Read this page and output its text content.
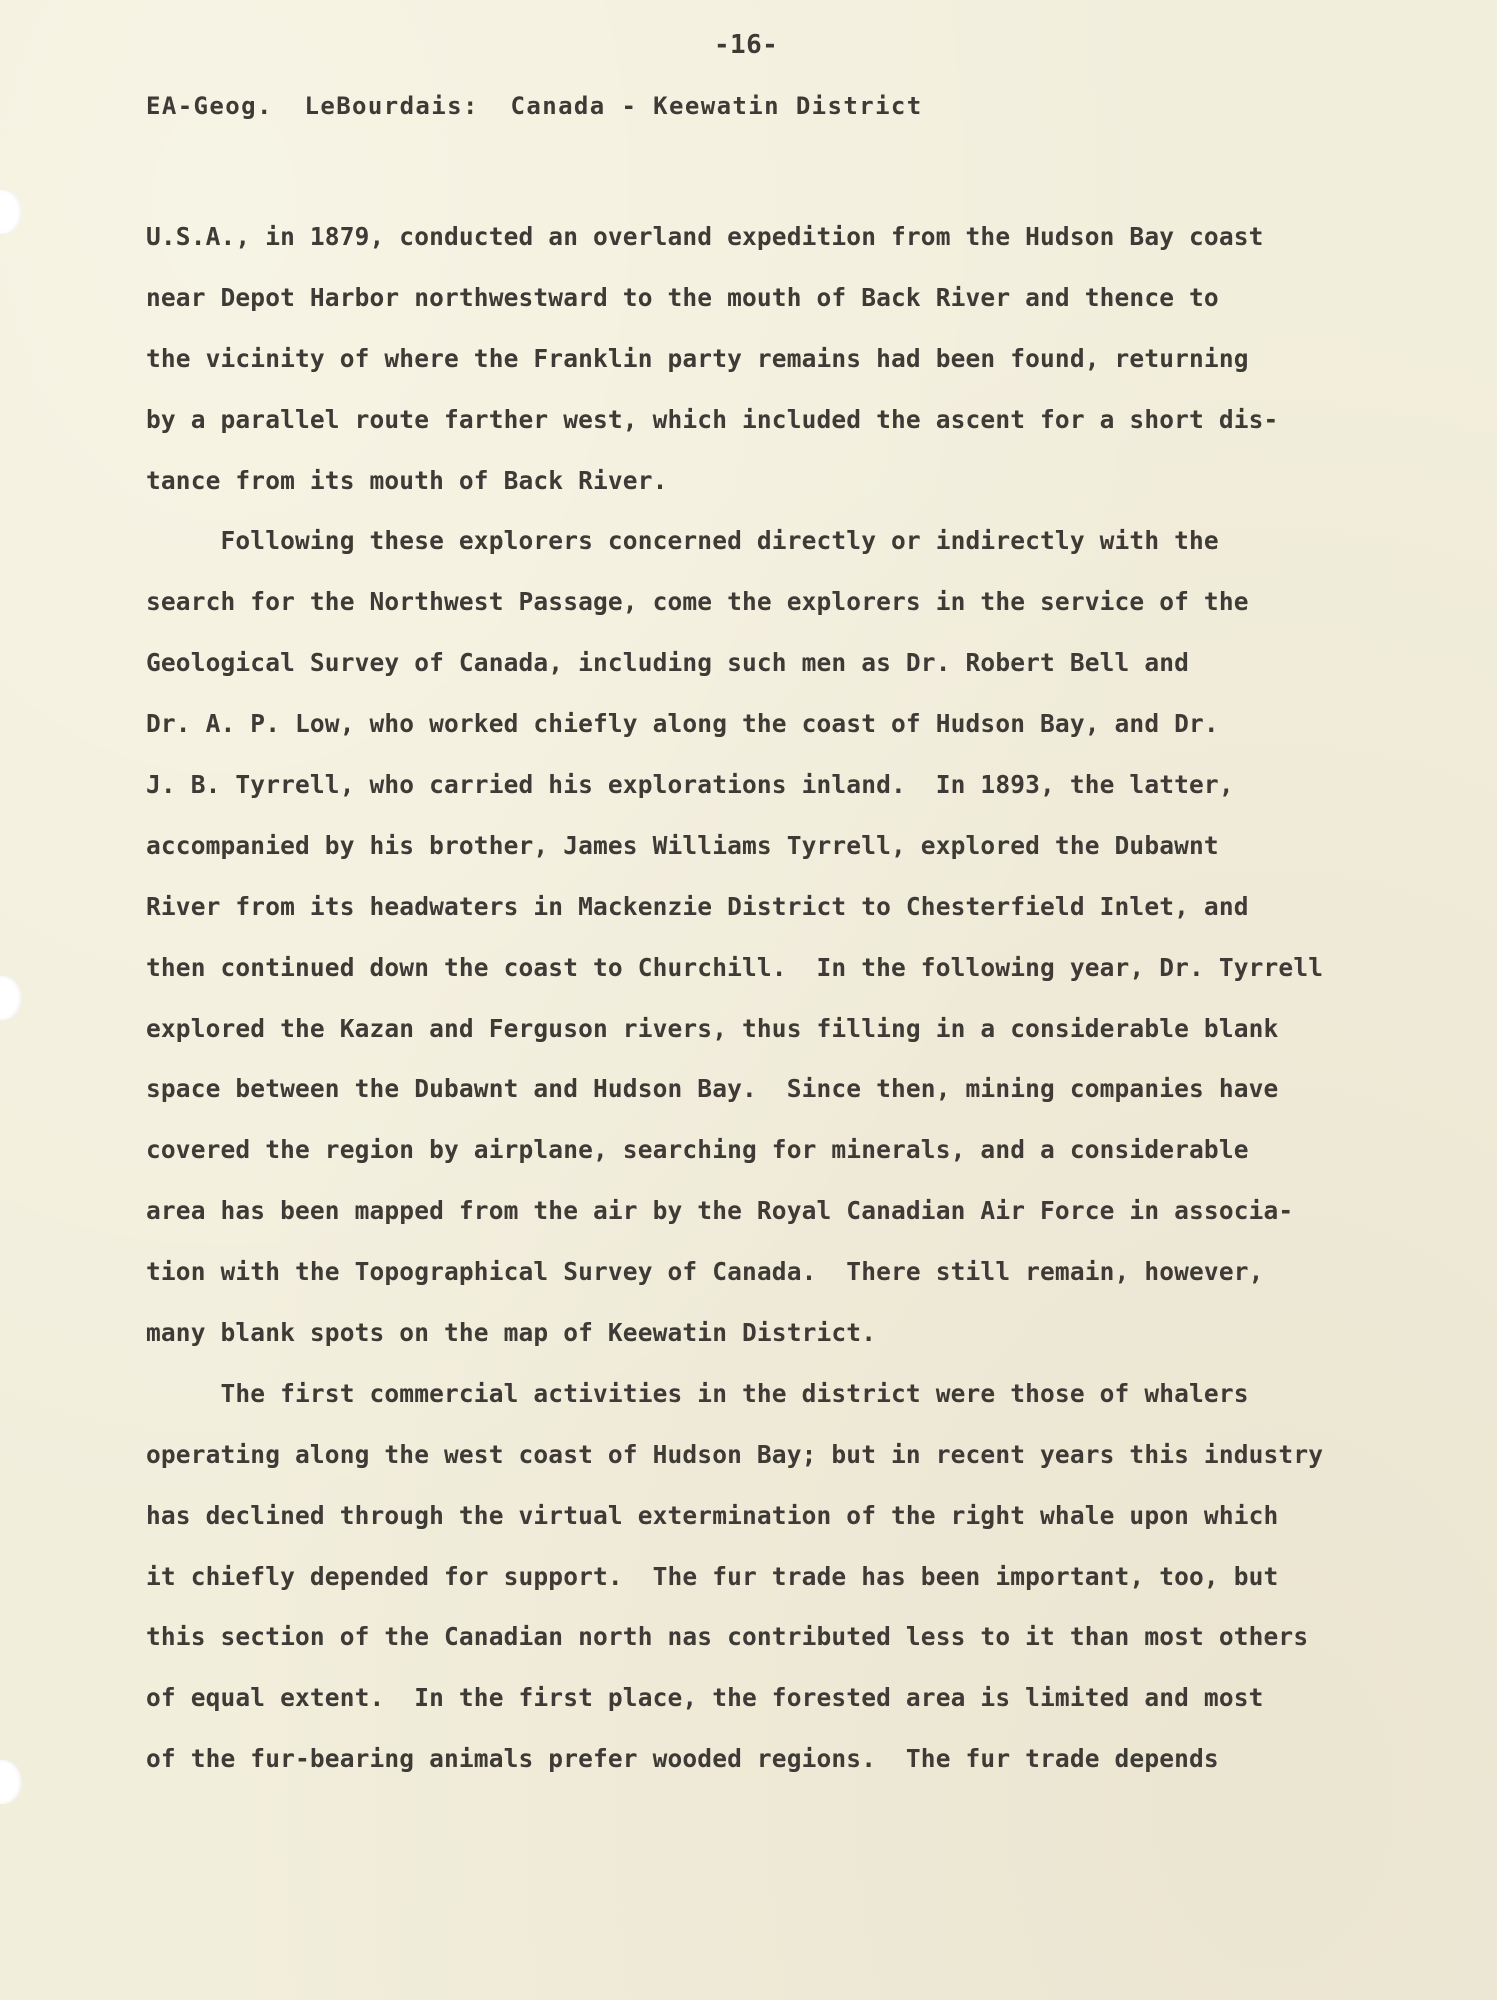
-16-
EA-Geog.  LeBourdais:  Canada - Keewatin District
U.S.A., in 1879, conducted an overland expedition from the Hudson Bay coast
near Depot Harbor northwestward to the mouth of Back River and thence to
the vicinity of where the Franklin party remains had been found, returning
by a parallel route farther west, which included the ascent for a short dis-
tance from its mouth of Back River.
Following these explorers concerned directly or indirectly with the
search for the Northwest Passage, come the explorers in the service of the
Geological Survey of Canada, including such men as Dr. Robert Bell and
Dr. A. P. Low, who worked chiefly along the coast of Hudson Bay, and Dr.
J. B. Tyrrell, who carried his explorations inland.  In 1893, the latter,
accompanied by his brother, James Williams Tyrrell, explored the Dubawnt
River from its headwaters in Mackenzie District to Chesterfield Inlet, and
then continued down the coast to Churchill.  In the following year, Dr. Tyrrell
explored the Kazan and Ferguson rivers, thus filling in a considerable blank
space between the Dubawnt and Hudson Bay.  Since then, mining companies have
covered the region by airplane, searching for minerals, and a considerable
area has been mapped from the air by the Royal Canadian Air Force in associa-
tion with the Topographical Survey of Canada.  There still remain, however,
many blank spots on the map of Keewatin District.
The first commercial activities in the district were those of whalers
operating along the west coast of Hudson Bay; but in recent years this industry
has declined through the virtual extermination of the right whale upon which
it chiefly depended for support.  The fur trade has been important, too, but
this section of the Canadian north nas contributed less to it than most others
of equal extent.  In the first place, the forested area is limited and most
of the fur-bearing animals prefer wooded regions.  The fur trade depends
